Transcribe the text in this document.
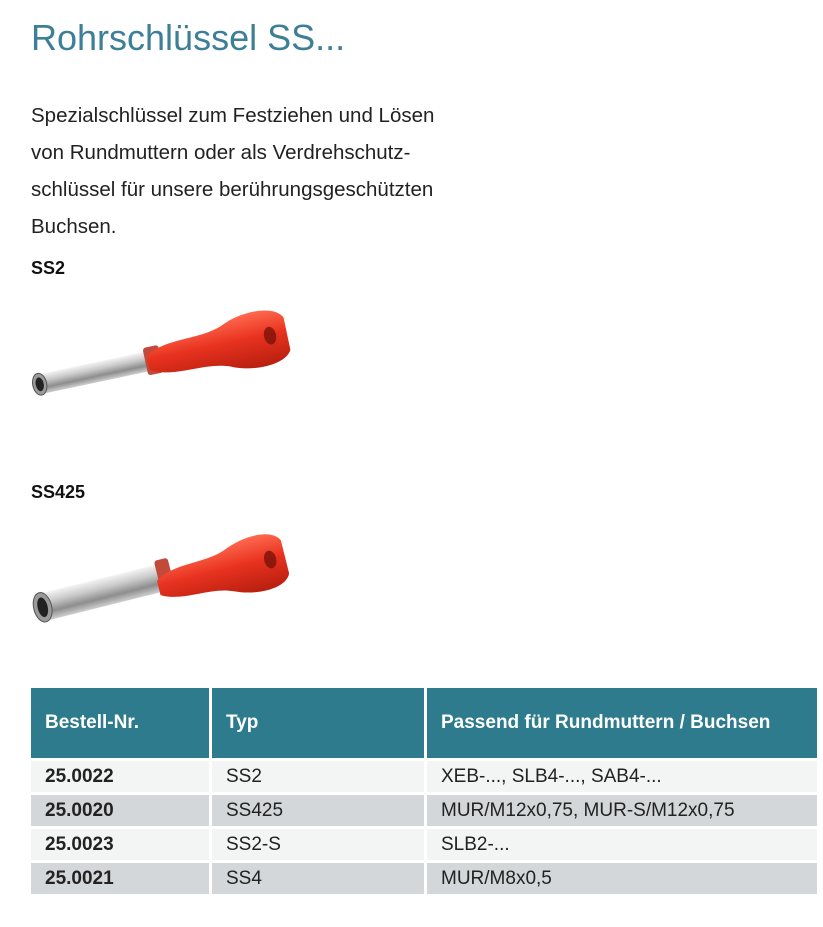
Rohrschlüssel SS...

Spezialschlüssel zum Festziehen und Lösen
von Rundmuttern oder als Verdrehschutz-
schlüssel für unsere berührungsgeschützten
Buchsen.

SS2
SS425
Bestell-Nr.	Typ	Passend für Rundmuttern / Buchsen
25.0022	SS2	XEB-..., SLB4-..., SAB4-...
25.0020	SS425	MUR/M12x0,75, MUR-S/M12x0,75
25.0023	SS2-S	SLB2-...
25.0021	SS4	MUR/M8x0,5
